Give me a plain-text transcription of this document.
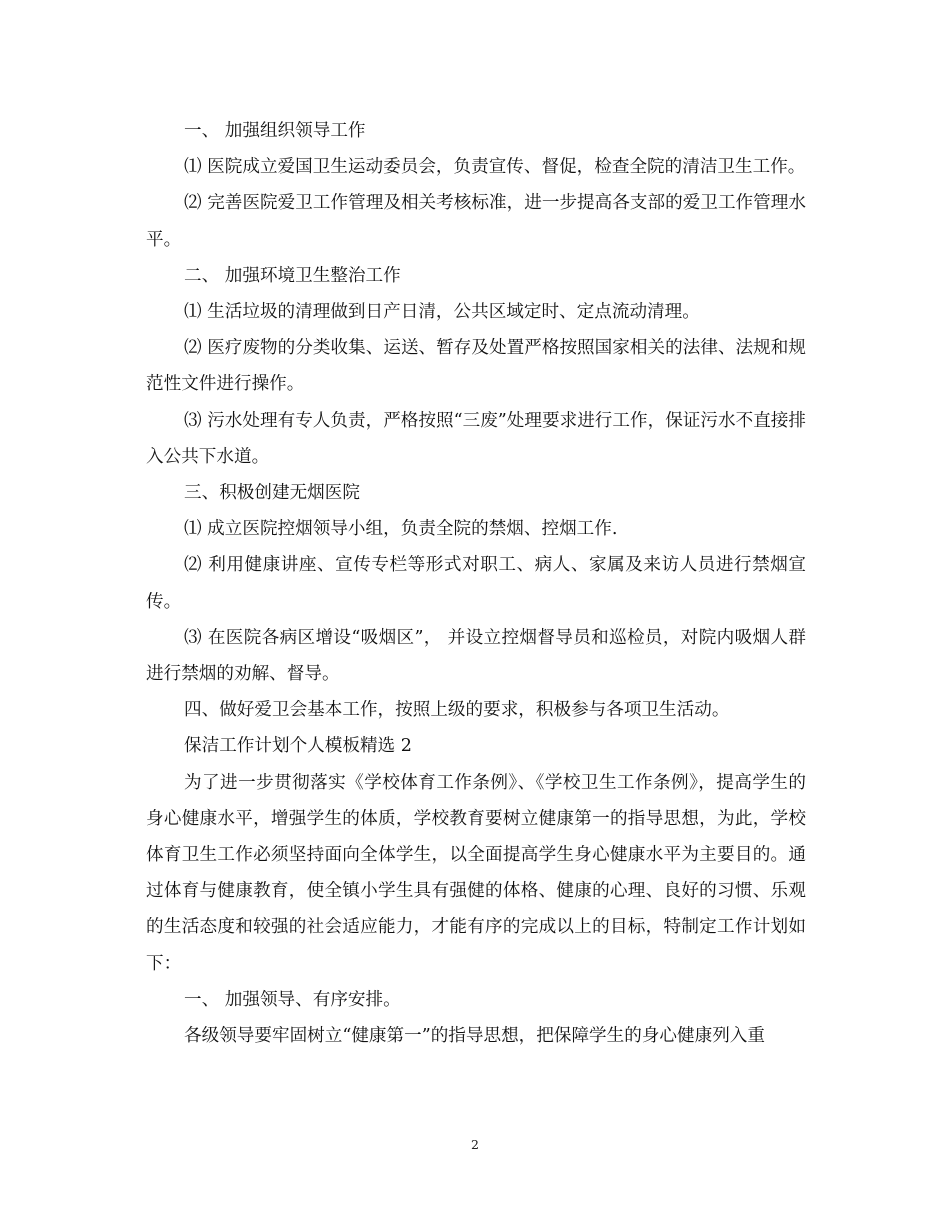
一、 加强组织领导工作

⑴ 医院成立爱国卫生运动委员会，负责宣传、督促，检查全院的清洁卫生工作。

⑵ 完善医院爱卫工作管理及相关考核标准，进一步提高各支部的爱卫工作管理水平。

二、 加强环境卫生整治工作

⑴ 生活垃圾的清理做到日产日清，公共区域定时、定点流动清理。

⑵ 医疗废物的分类收集、运送、暂存及处置严格按照国家相关的法律、法规和规范性文件进行操作。

⑶ 污水处理有专人负责，严格按照“三废”处理要求进行工作，保证污水不直接排入公共下水道。

三、积极创建无烟医院

⑴ 成立医院控烟领导小组，负责全院的禁烟、控烟工作.

⑵ 利用健康讲座、宣传专栏等形式对职工、病人、家属及来访人员进行禁烟宣传。

⑶ 在医院各病区增设“吸烟区”， 并设立控烟督导员和巡检员，对院内吸烟人群进行禁烟的劝解、督导。

四、做好爱卫会基本工作，按照上级的要求，积极参与各项卫生活动。

保洁工作计划个人模板精选 2

为了进一步贯彻落实《学校体育工作条例》、《学校卫生工作条例》，提高学生的身心健康水平，增强学生的体质，学校教育要树立健康第一的指导思想，为此，学校体育卫生工作必须坚持面向全体学生，以全面提高学生身心健康水平为主要目的。通过体育与健康教育，使全镇小学生具有强健的体格、健康的心理、良好的习惯、乐观的生活态度和较强的社会适应能力，才能有序的完成以上的目标，特制定工作计划如下：

一、 加强领导、有序安排。

各级领导要牢固树立“健康第一”的指导思想，把保障学生的身心健康列入重

2
